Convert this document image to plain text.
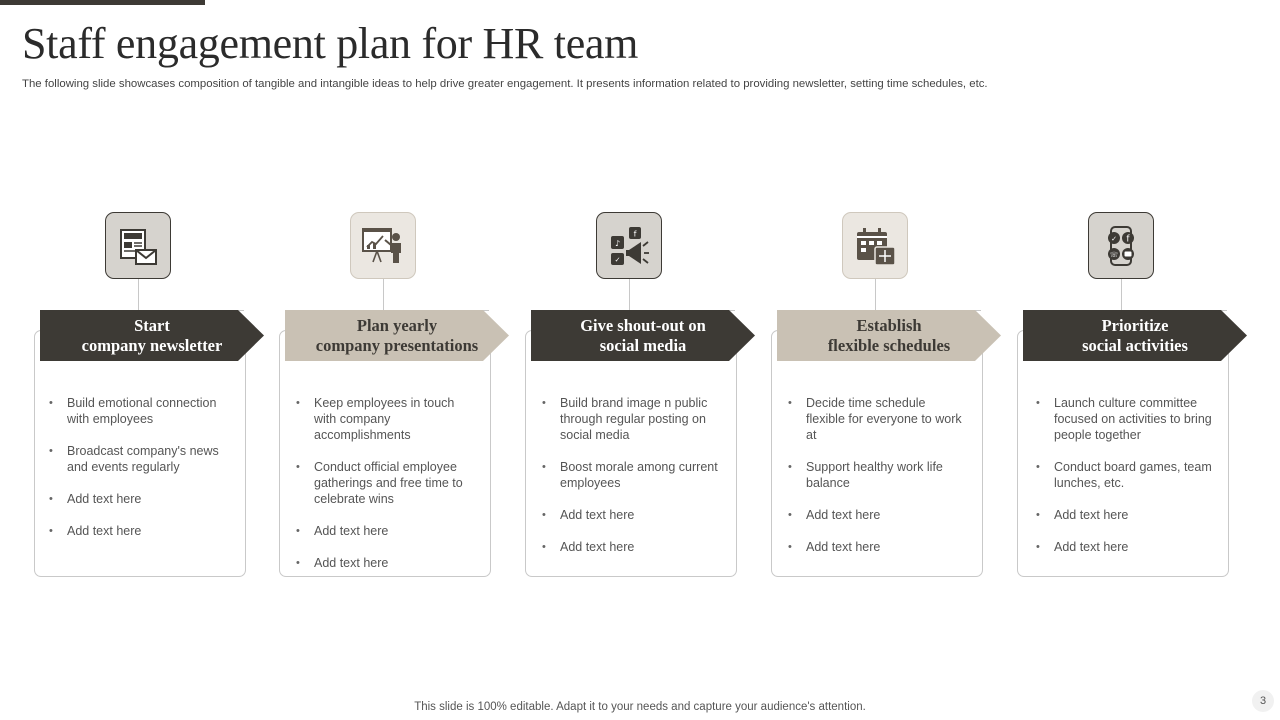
Staff engagement plan for HR team
The following slide showcases composition of tangible and intangible ideas to help drive greater engagement. It presents information related to providing newsletter, setting time schedules, etc.
• Build emotional connection with employees
• Broadcast company's news and events regularly
• Add text here
• Add text here
Start
company newsletter
• Keep employees in touch with company accomplishments
• Conduct official employee gatherings and free time to celebrate wins
• Add text here
• Add text here
Plan yearly
company presentations
♪
f
✓
• Build brand image n public through regular posting on social media
• Boost morale among current employees
• Add text here
• Add text here
Give shout-out on
social media
• Decide time schedule flexible for everyone to work at
• Support healthy work life balance
• Add text here
• Add text here
Establish
flexible schedules
f
✓
☏
• Launch culture committee focused on activities to bring people together
• Conduct board games, team lunches, etc.
• Add text here
• Add text here
Prioritize
social activities
This slide is 100% editable. Adapt it to your needs and capture your audience's attention.	3
